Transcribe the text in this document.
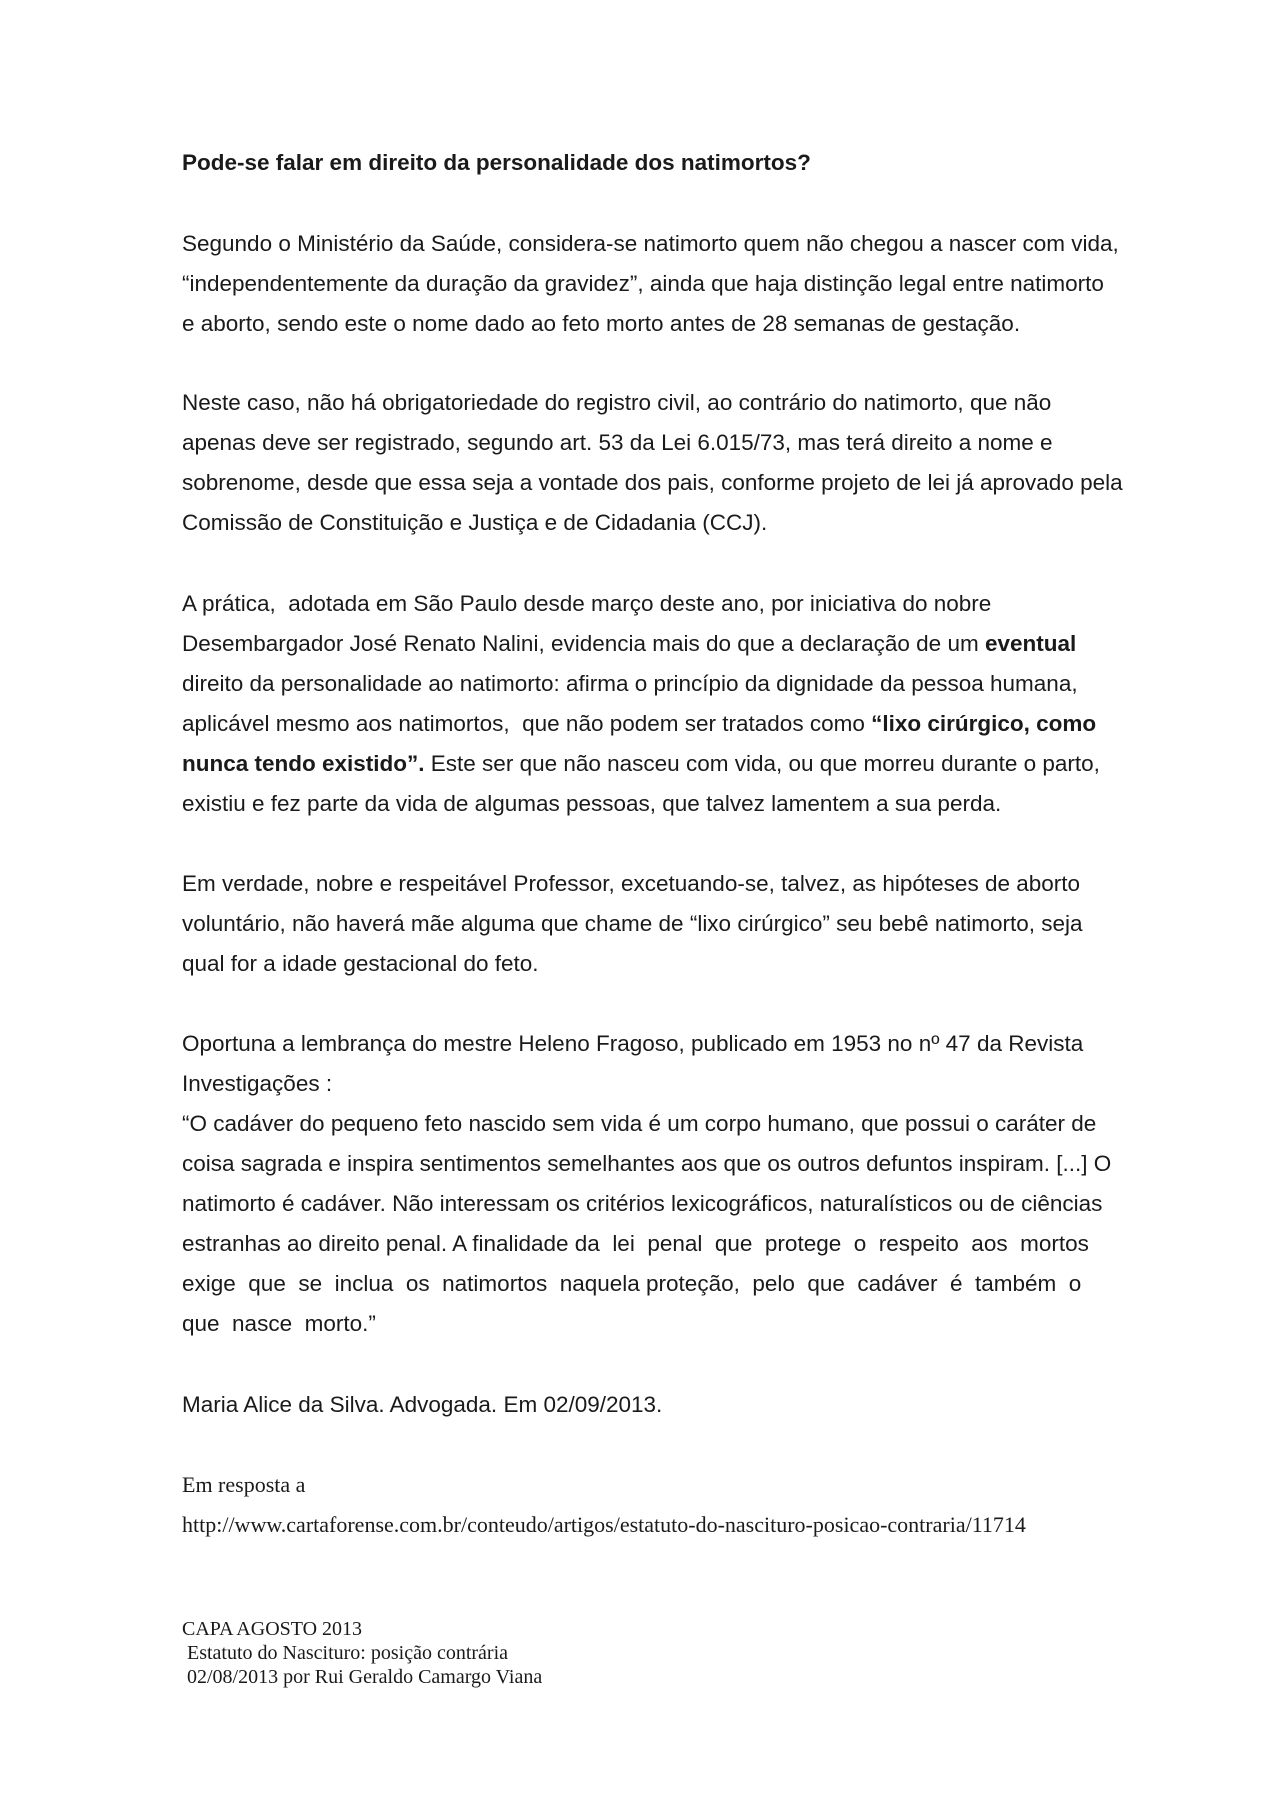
Pode-se falar em direito da personalidade dos natimortos?
Segundo o Ministério da Saúde, considera-se natimorto quem não chegou a nascer com vida,
“independentemente da duração da gravidez”, ainda que haja distinção legal entre natimorto
e aborto, sendo este o nome dado ao feto morto antes de 28 semanas de gestação.
Neste caso, não há obrigatoriedade do registro civil, ao contrário do natimorto, que não
apenas deve ser registrado, segundo art. 53 da Lei 6.015/73, mas terá direito a nome e
sobrenome, desde que essa seja a vontade dos pais, conforme projeto de lei já aprovado pela
Comissão de Constituição e Justiça e de Cidadania (CCJ).
A prática,  adotada em São Paulo desde março deste ano, por iniciativa do nobre
Desembargador José Renato Nalini, evidencia mais do que a declaração de um eventual
direito da personalidade ao natimorto: afirma o princípio da dignidade da pessoa humana,
aplicável mesmo aos natimortos,  que não podem ser tratados como “lixo cirúrgico, como
nunca tendo existido”. Este ser que não nasceu com vida, ou que morreu durante o parto,
existiu e fez parte da vida de algumas pessoas, que talvez lamentem a sua perda.
Em verdade, nobre e respeitável Professor, excetuando-se, talvez, as hipóteses de aborto
voluntário, não haverá mãe alguma que chame de “lixo cirúrgico” seu bebê natimorto, seja
qual for a idade gestacional do feto.
Oportuna a lembrança do mestre Heleno Fragoso, publicado em 1953 no nº 47 da Revista
Investigações :
“O cadáver do pequeno feto nascido sem vida é um corpo humano, que possui o caráter de
coisa sagrada e inspira sentimentos semelhantes aos que os outros defuntos inspiram. [...] O
natimorto é cadáver. Não interessam os critérios lexicográficos, naturalísticos ou de ciências
estranhas ao direito penal. A finalidade da  lei  penal  que  protege  o  respeito  aos  mortos
exige  que  se  inclua  os  natimortos  naquela proteção,  pelo  que  cadáver  é  também  o
que  nasce  morto.”
Maria Alice da Silva. Advogada. Em 02/09/2013.
Em resposta a
http://www.cartaforense.com.br/conteudo/artigos/estatuto-do-nascituro-posicao-contraria/11714
CAPA AGOSTO 2013
Estatuto do Nascituro: posição contrária
02/08/2013 por Rui Geraldo Camargo Viana
